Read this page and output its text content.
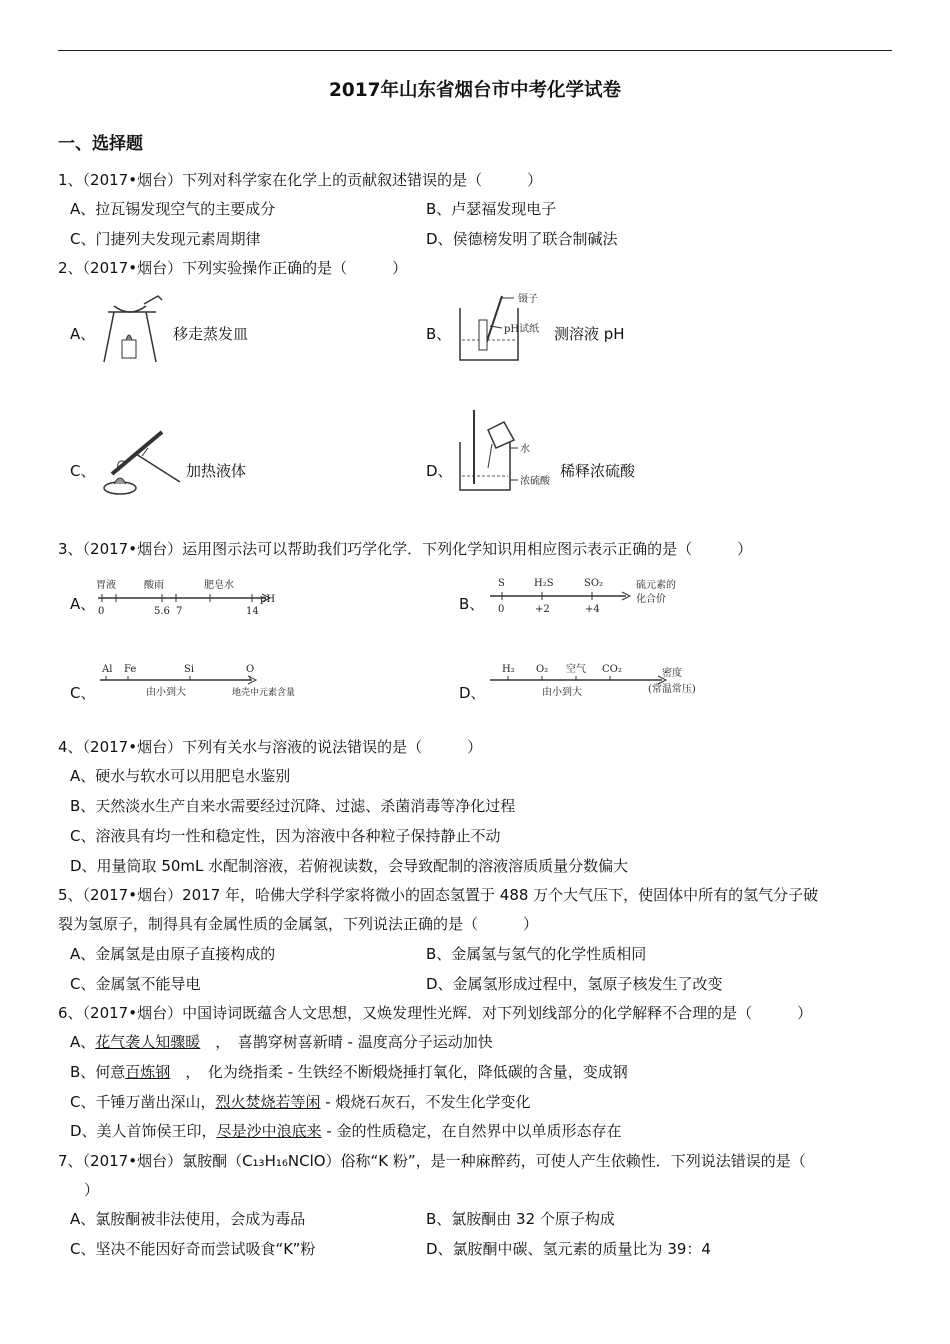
2017年山东省烟台市中考化学试卷
一、选择题
1、（2017•烟台）下列对科学家在化学上的贡献叙述错误的是（　　　）
A、拉瓦锡发现空气的主要成分	B、卢瑟福发现电子
C、门捷列夫发现元素周期律	D、侯德榜发明了联合制碱法
2、（2017•烟台）下列实验操作正确的是（　　　）
A、	移走蒸发皿	B、
镊子
pH试纸 测溶液 pH
C、	加热液体	D、
水
浓硫酸
稀释浓硫酸
3、（2017•烟台）运用图示法可以帮助我们巧学化学．下列化学知识用相应图示表示正确的是（　　　）
A、
胃液	酸雨	肥皂水
0	5.6 7	14
pH	B、
S	H₂S	SO₂
0	+2	+4
硫元素的
化合价
C、
Al Fe	Si	O
由小到大	地壳中元素含量	D、
H₂ O₂ 空气 CO₂
由小到大
密度
(常温常压)
4、（2017•烟台）下列有关水与溶液的说法错误的是（　　　）
A、硬水与软水可以用肥皂水鉴别
B、天然淡水生产自来水需要经过沉降、过滤、杀菌消毒等净化过程
C、溶液具有均一性和稳定性，因为溶液中各种粒子保持静止不动
D、用量筒取 50mL 水配制溶液，若俯视读数，会导致配制的溶液溶质质量分数偏大
5、（2017•烟台）2017 年，哈佛大学科学家将微小的固态氢置于 488 万个大气压下，使固体中所有的氢气分子破
裂为氢原子，制得具有金属性质的金属氢，下列说法正确的是（　　　）
A、金属氢是由原子直接构成的	B、金属氢与氢气的化学性质相同
C、金属氢不能导电	D、金属氢形成过程中，氢原子核发生了改变
6、（2017•烟台）中国诗词既蕴含人文思想，又焕发理性光辉．对下列划线部分的化学解释不合理的是（　　　）
A、花气袭人知骤暖　，　喜鹊穿树喜新晴 - 温度高分子运动加快
B、何意百炼钢　，　化为绕指柔 - 生铁经不断煅烧捶打氧化，降低碳的含量，变成钢
C、千锤万凿出深山，烈火焚烧若等闲 - 煅烧石灰石，不发生化学变化
D、美人首饰侯王印，尽是沙中浪底来 - 金的性质稳定，在自然界中以单质形态存在
7、（2017•烟台）氯胺酮（C₁₃H₁₆NClO）俗称“K 粉”，是一种麻醉药，可使人产生依赖性．下列说法错误的是（
）
A、氯胺酮被非法使用，会成为毒品	B、氯胺酮由 32 个原子构成
C、坚决不能因好奇而尝试吸食“K”粉	D、氯胺酮中碳、氢元素的质量比为 39：4
